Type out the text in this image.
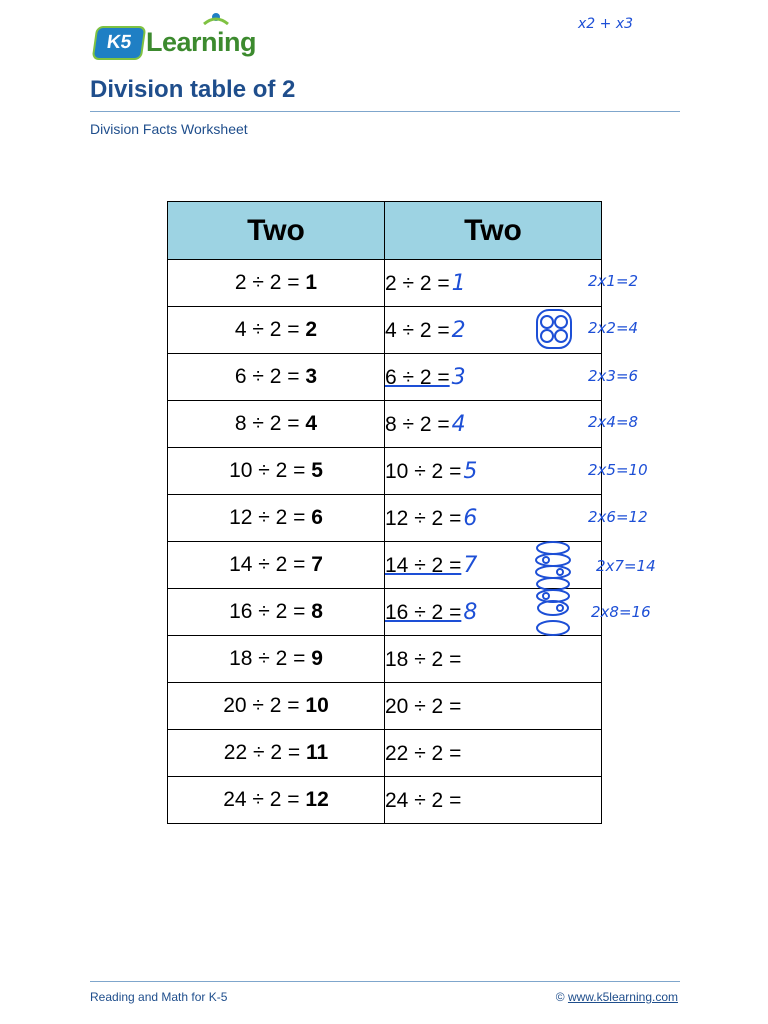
K5 Learning
x2 + x3
Division table of 2
Division Facts Worksheet
Two	Two
2 ÷ 2 = 1	2 ÷ 2 =1
4 ÷ 2 = 2	4 ÷ 2 =2
6 ÷ 2 = 3	6 ÷ 2 =3
8 ÷ 2 = 4	8 ÷ 2 =4
10 ÷ 2 = 5	10 ÷ 2 =5
12 ÷ 2 = 6	12 ÷ 2 =6
14 ÷ 2 = 7	14 ÷ 2 =7
16 ÷ 2 = 8	16 ÷ 2 =8
18 ÷ 2 = 9	18 ÷ 2 =
20 ÷ 2 = 10	20 ÷ 2 =
22 ÷ 2 = 11	22 ÷ 2 =
24 ÷ 2 = 12	24 ÷ 2 =
2x1=2
2x2=4
2x3=6
2x4=8
2x5=10
2x6=12
2x7=14
2x8=16
Reading and Math for K-5	© www.k5learning.com
